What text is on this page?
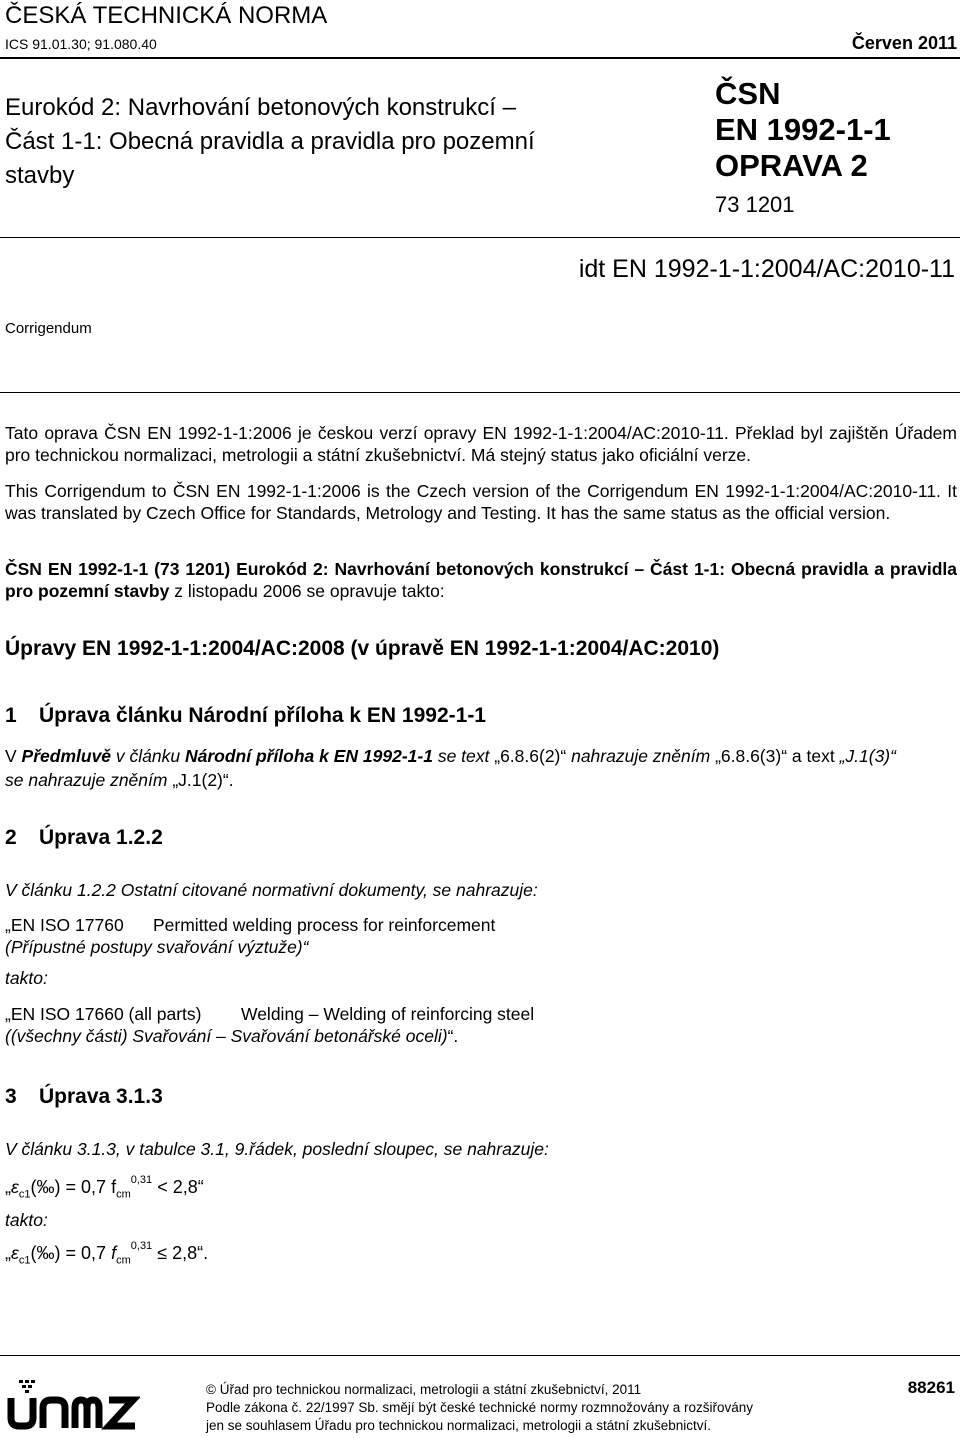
ČESKÁ TECHNICKÁ NORMA
ICS 91.01.30; 91.080.40	Červen 2011
Eurokód 2: Navrhování betonových konstrukcí –
Část 1-1: Obecná pravidla a pravidla pro pozemní
stavby
ČSN
EN 1992-1-1
OPRAVA 2
73 1201
idt EN 1992-1-1:2004/AC:2010-11
Corrigendum
Tato oprava ČSN EN 1992-1-1:2006 je českou verzí opravy EN 1992-1-1:2004/AC:2010-11. Překlad byl zajištěn Úřadem pro technickou normalizaci, metrologii a státní zkušebnictví. Má stejný status jako oficiální verze.
This Corrigendum to ČSN EN 1992-1-1:2006 is the Czech version of the Corrigendum EN 1992-1-1:2004/AC:2010-11. It was translated by Czech Office for Standards, Metrology and Testing. It has the same status as the official version.
ČSN EN 1992-1-1 (73 1201) Eurokód 2: Navrhování betonových konstrukcí – Část 1-1: Obecná pravidla a pravidla pro pozemní stavby z listopadu 2006 se opravuje takto:
Úpravy EN 1992-1-1:2004/AC:2008 (v úpravě EN 1992-1-1:2004/AC:2010)
1 Úprava článku Národní příloha k EN 1992-1-1
V Předmluvě v článku Národní příloha k EN 1992-1-1 se text „6.8.6(2)“ nahrazuje zněním „6.8.6(3)“ a text „J.1(3)“
se nahrazuje zněním „J.1(2)“.
2 Úprava 1.2.2
V článku 1.2.2 Ostatní citované normativní dokumenty, se nahrazuje:
„EN ISO 17760 Permitted welding process for reinforcement
(Přípustné postupy svařování výztuže)“
takto:
„EN ISO 17660 (all parts) Welding – Welding of reinforcing steel
((všechny části) Svařování – Svařování betonářské oceli)“.
3 Úprava 3.1.3
V článku 3.1.3, v tabulce 3.1, 9.řádek, poslední sloupec, se nahrazuje:
$„\varepsilon_{c1}(‰) = 0,7$ $f_{cm}^{0,31}$ < 2,8“
takto:
$„\varepsilon_{c1}(‰) = 0,7$ $f_{cm}^{0,31}$ ≤ 2,8“.
© Úřad pro technickou normalizaci, metrologii a státní zkušebnictví, 2011
Podle zákona č. 22/1997 Sb. smějí být české technické normy rozmnožovány a rozšiřovány
jen se souhlasem Úřadu pro technickou normalizaci, metrologii a státní zkušebnictví.
88261
